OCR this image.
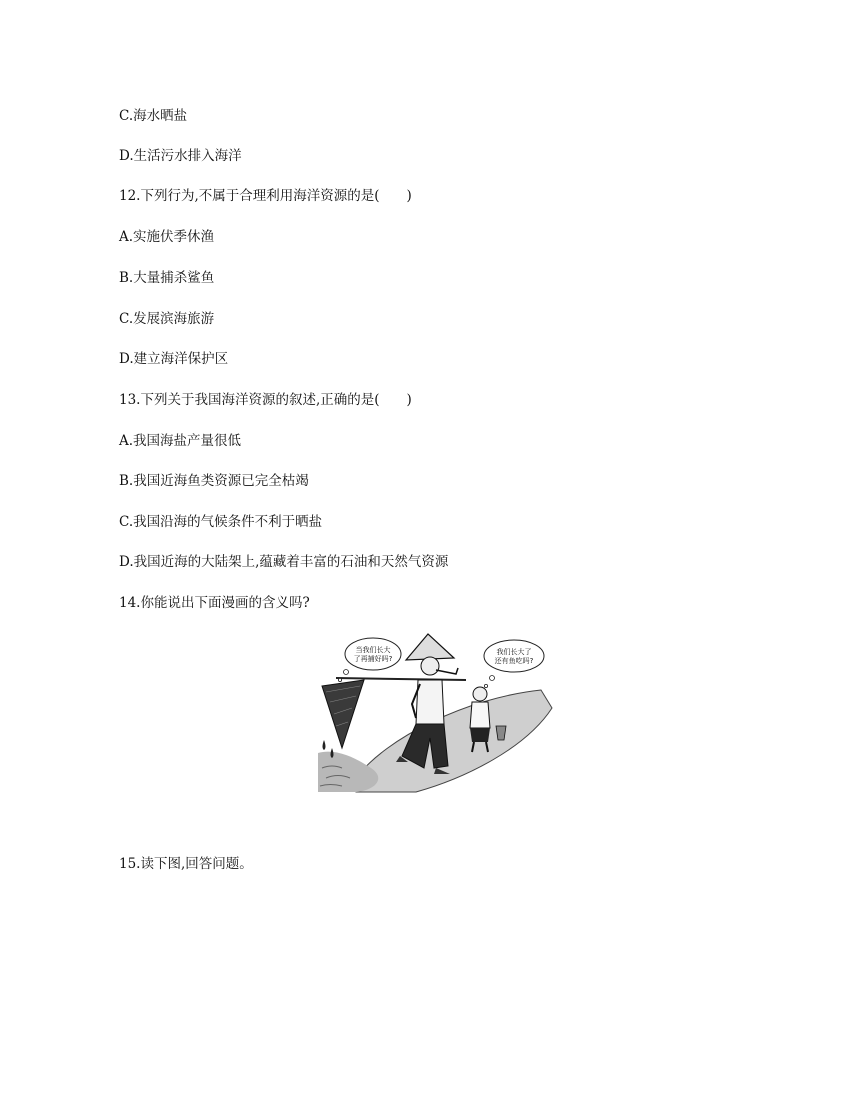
C.海水晒盐
D.生活污水排入海洋
12.下列行为,不属于合理利用海洋资源的是(　　)
A.实施伏季休渔
B.大量捕杀鲨鱼
C.发展滨海旅游
D.建立海洋保护区
13.下列关于我国海洋资源的叙述,正确的是(　　)
A.我国海盐产量很低
B.我国近海鱼类资源已完全枯竭
C.我国沿海的气候条件不利于晒盐
D.我国近海的大陆架上,蕴藏着丰富的石油和天然气资源
14.你能说出下面漫画的含义吗?
当我们长大
了再捕好吗?
我们长大了
还有鱼吃吗?
15.读下图,回答问题。
